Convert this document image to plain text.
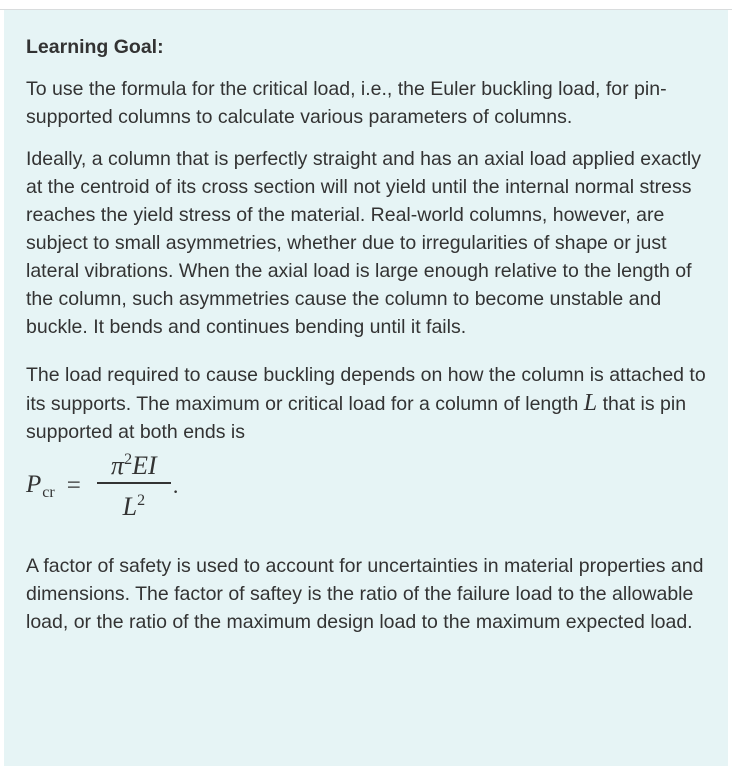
Learning Goal:

To use the formula for the critical load, i.e., the Euler buckling load, for pin-supported columns to calculate various parameters of columns.

Ideally, a column that is perfectly straight and has an axial load applied exactly at the centroid of its cross section will not yield until the internal normal stress reaches the yield stress of the material. Real-world columns, however, are subject to small asymmetries, whether due to irregularities of shape or just lateral vibrations. When the axial load is large enough relative to the length of the column, such asymmetries cause the column to become unstable and buckle. It bends and continues bending until it fails.

The load required to cause buckling depends on how the column is attached to its supports. The maximum or critical load for a column of length L that is pin supported at both ends is

$P_{cr} = \frac{\pi^2EI}{L^2}$ .

A factor of safety is used to account for uncertainties in material properties and dimensions. The factor of saftey is the ratio of the failure load to the allowable load, or the ratio of the maximum design load to the maximum expected load.
